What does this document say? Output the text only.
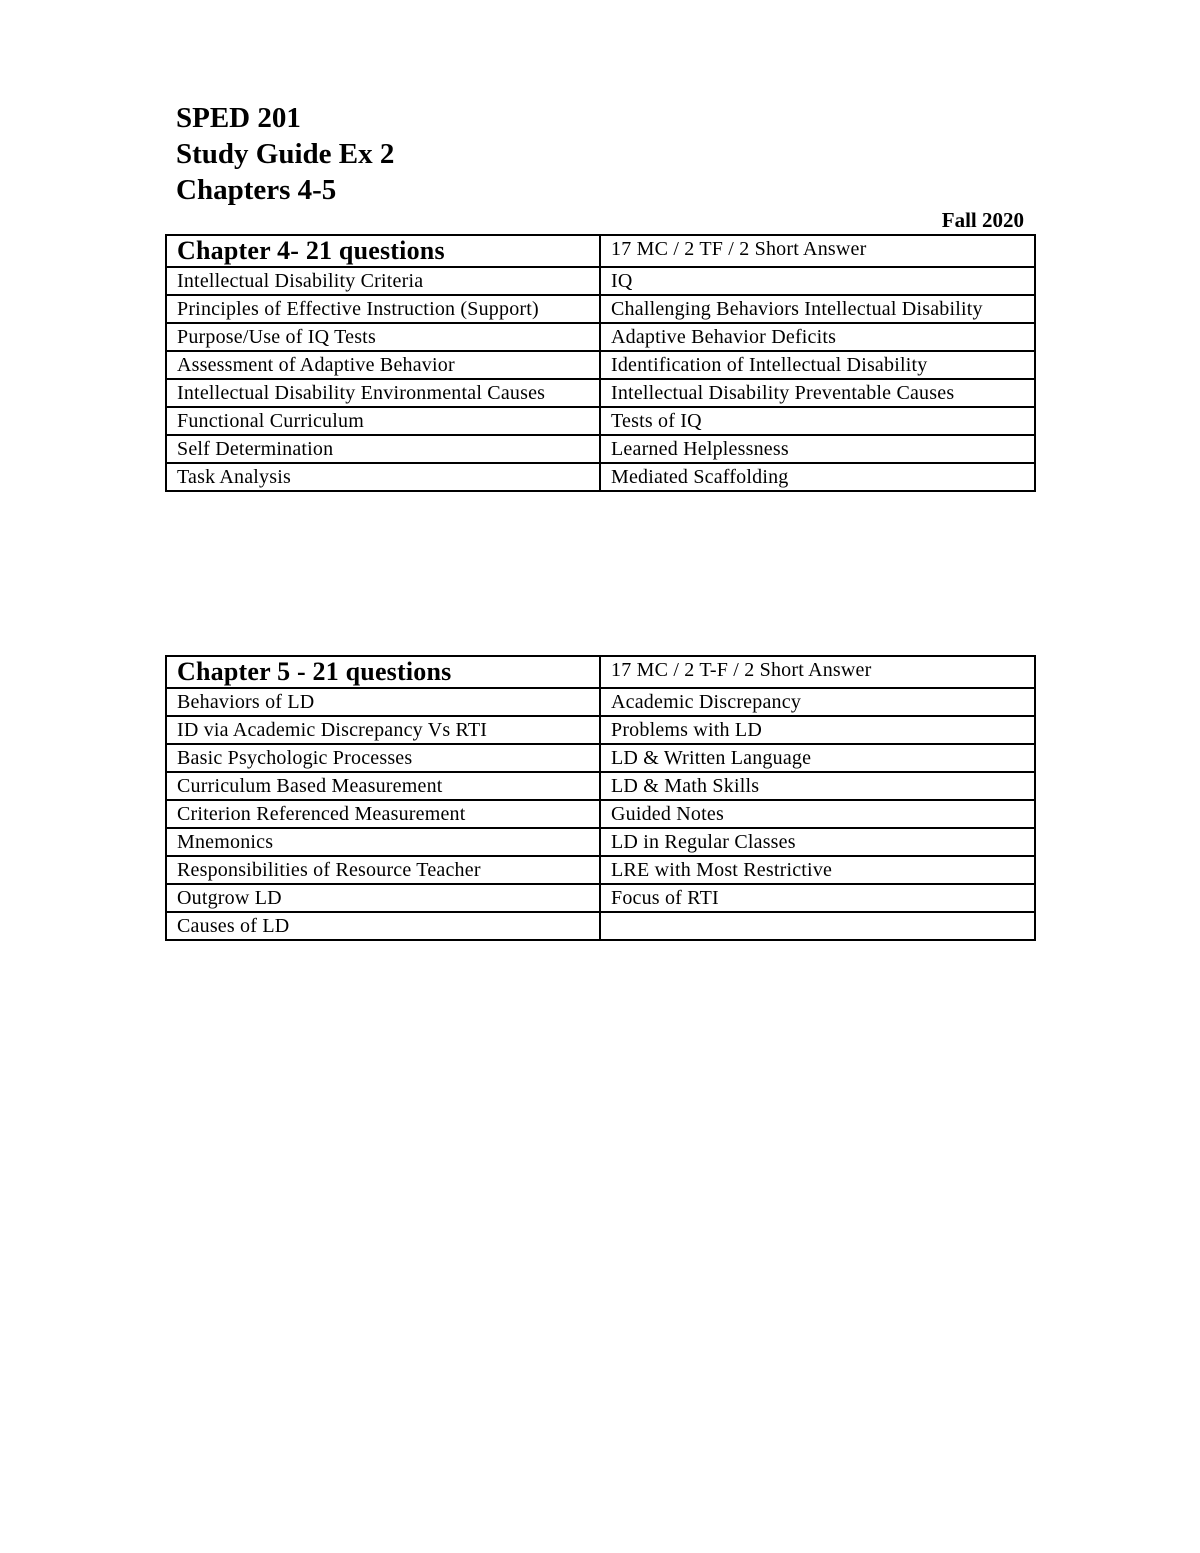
SPED 201
Study Guide Ex 2
Chapters 4-5
Fall 2020
Chapter 4- 21 questions	17 MC / 2 TF / 2 Short Answer
Intellectual Disability Criteria	IQ
Principles of Effective Instruction (Support)	Challenging Behaviors Intellectual Disability
Purpose/Use of IQ Tests	Adaptive Behavior Deficits
Assessment of Adaptive Behavior	Identification of Intellectual Disability
Intellectual Disability Environmental Causes	Intellectual Disability Preventable Causes
Functional Curriculum	Tests of IQ
Self Determination	Learned Helplessness
Task Analysis	Mediated Scaffolding
Chapter 5 - 21 questions	17 MC / 2 T-F / 2 Short Answer
Behaviors of LD	Academic Discrepancy
ID via Academic Discrepancy Vs RTI	Problems with LD
Basic Psychologic Processes	LD & Written Language
Curriculum Based Measurement	LD & Math Skills
Criterion Referenced Measurement	Guided Notes
Mnemonics	LD in Regular Classes
Responsibilities of Resource Teacher	LRE with Most Restrictive
Outgrow LD	Focus of RTI
Causes of LD	
